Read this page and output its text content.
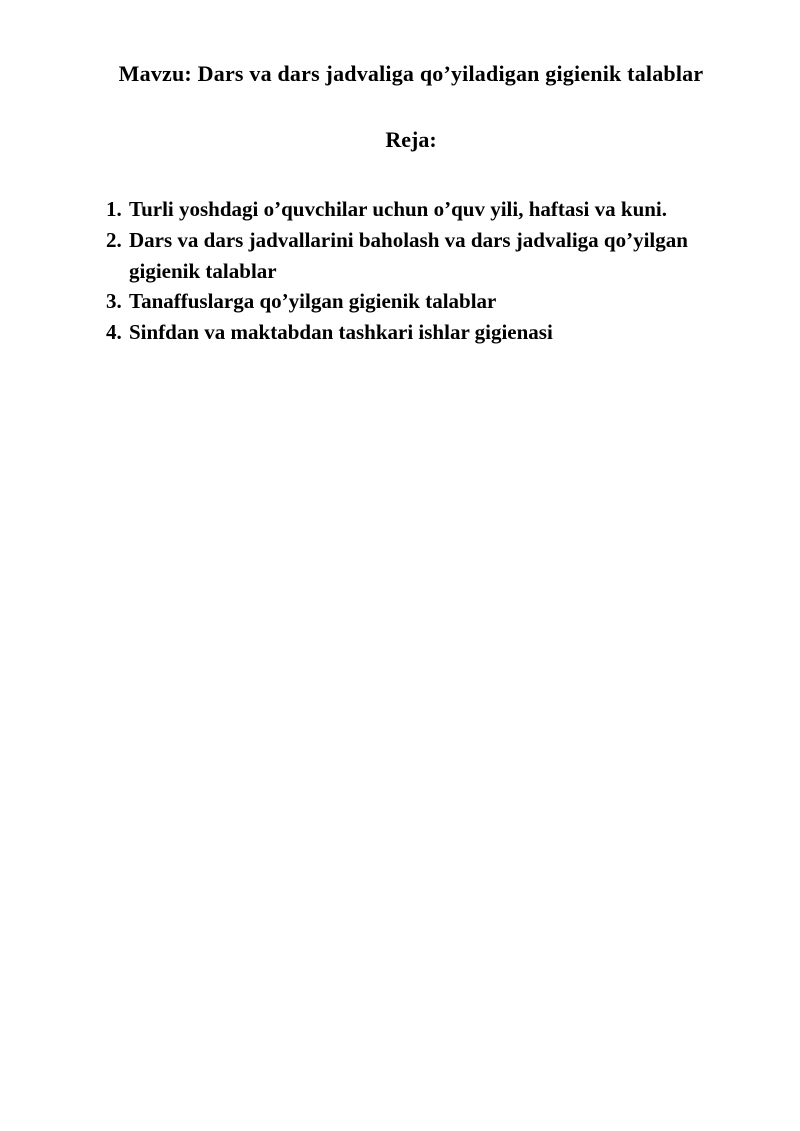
Mavzu: Dars va dars jadvaliga qo’yiladigan gigienik talablar
Reja:
1. Turli yoshdagi o’quvchilar uchun o’quv yili, haftasi va kuni.
2. Dars va dars jadvallarini baholash va dars jadvaliga qo’yilgan gigienik talablar
3. Tanaffuslarga qo’yilgan gigienik talablar
4. Sinfdan va maktabdan tashkari ishlar gigienasi
